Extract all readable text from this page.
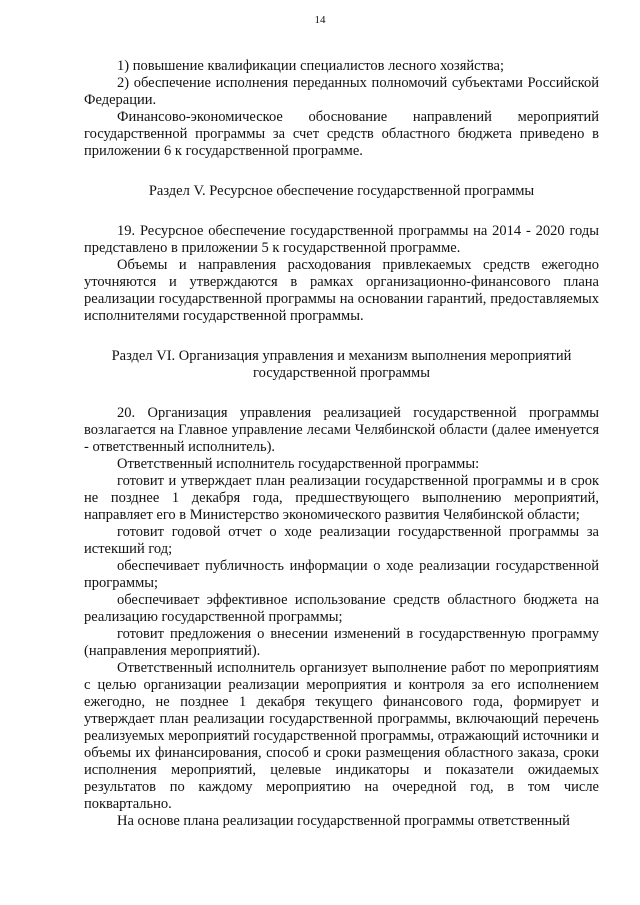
14

1) повышение квалификации специалистов лесного хозяйства;

2) обеспечение исполнения переданных полномочий субъектами Российской Федерации.

Финансово-экономическое обоснование направлений мероприятий государственной программы за счет средств областного бюджета приведено в приложении 6 к государственной программе.

Раздел V. Ресурсное обеспечение государственной программы

19. Ресурсное обеспечение государственной программы на 2014 - 2020 годы представлено в приложении 5 к государственной программе.

Объемы и направления расходования привлекаемых средств ежегодно уточняются и утверждаются в рамках организационно-финансового плана реализации государственной программы на основании гарантий, предоставляемых исполнителями государственной программы.

Раздел VI. Организация управления и механизм выполнения мероприятий государственной программы

20. Организация управления реализацией государственной программы возлагается на Главное управление лесами Челябинской области (далее именуется - ответственный исполнитель).

Ответственный исполнитель государственной программы:

готовит и утверждает план реализации государственной программы и в срок не позднее 1 декабря года, предшествующего выполнению мероприятий, направляет его в Министерство экономического развития Челябинской области;

готовит годовой отчет о ходе реализации государственной программы за истекший год;

обеспечивает публичность информации о ходе реализации государственной программы;

обеспечивает эффективное использование средств областного бюджета на реализацию государственной программы;

готовит предложения о внесении изменений в государственную программу (направления мероприятий).

Ответственный исполнитель организует выполнение работ по мероприятиям с целью организации реализации мероприятия и контроля за его исполнением ежегодно, не позднее 1 декабря текущего финансового года, формирует и утверждает план реализации государственной программы, включающий перечень реализуемых мероприятий государственной программы, отражающий источники и объемы их финансирования, способ и сроки размещения областного заказа, сроки исполнения мероприятий, целевые индикаторы и показатели ожидаемых результатов по каждому мероприятию на очередной год, в том числе поквартально.

На основе плана реализации государственной программы ответственный
